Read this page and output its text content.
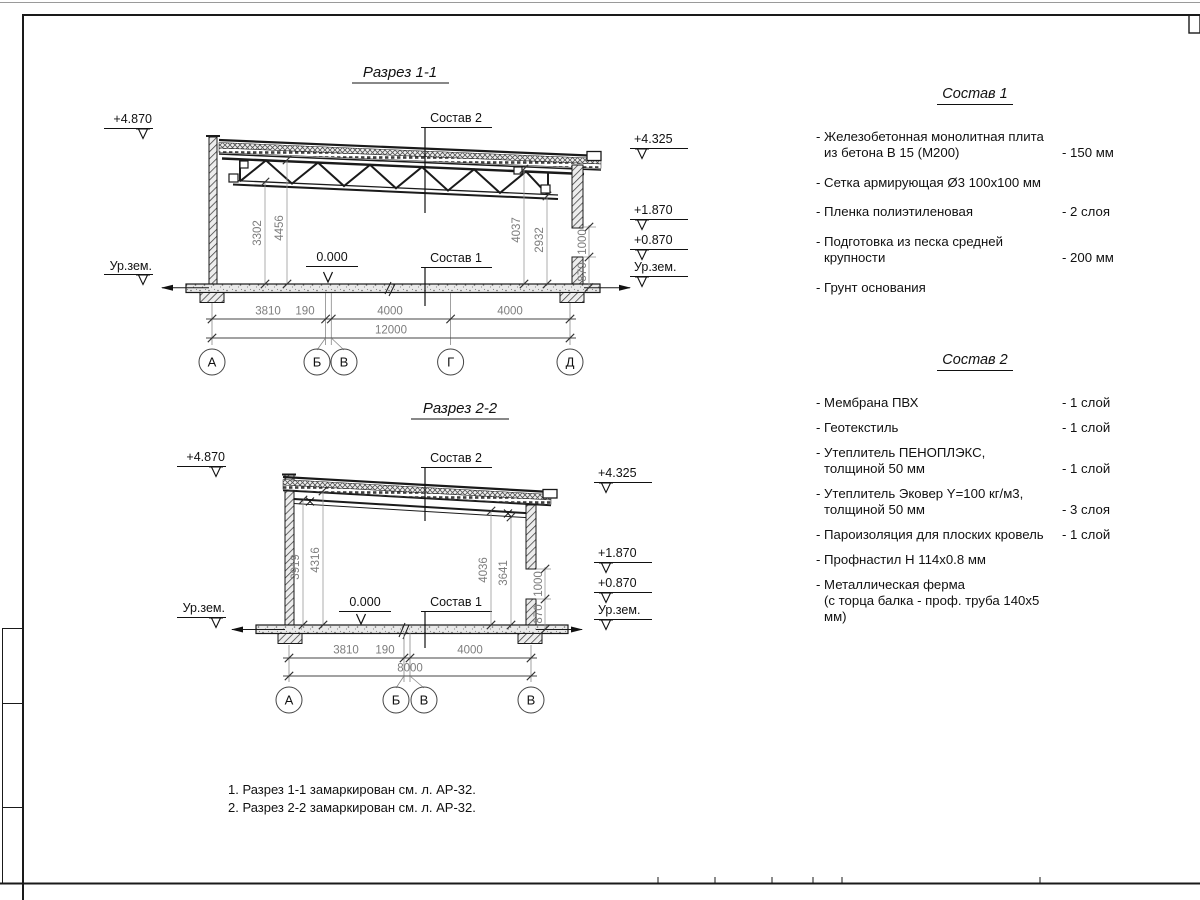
Разрез 1-1
Состав 2
Состав 1
0.000
+4.870
Ур.зем.
+4.325
+1.870
+0.870
Ур.зем.
3302 4456	4037 2932
870
1000
3810 190	4000	4000
12000
А	Б В	Г	Д
Разрез 2-2
Состав 2
Состав 1
0.000
+4.870
Ур.зем.
+4.325
+1.870
+0.870
Ур.зем.
3919 4316	4036 3641
870
1000
3810 190	4000
8000
А	Б В	В
Состав 1
- Железобетонная монолитная плита
из бетона В 15 (М200)	- 150 мм
- Сетка армирующая Ø3 100х100 мм
- Пленка полиэтиленовая	- 2 слоя
- Подготовка из песка средней
крупности	- 200 мм
- Грунт основания
Состав 2
- Мембрана ПВХ	- 1 слой
- Геотекстиль	- 1 слой
- Утеплитель ПЕНОПЛЭКС,
толщиной 50 мм	- 1 слой
- Утеплитель Эковер Y=100 кг/м3,
толщиной 50 мм	- 3 слоя
- Пароизоляция для плоских кровель	- 1 слой
- Профнастил Н 114х0.8 мм
- Металлическая ферма
(с торца балка - проф. труба 140х5 мм)
1. Разрез 1-1 замаркирован см. л. АР-32.
2. Разрез 2-2 замаркирован см. л. АР-32.
